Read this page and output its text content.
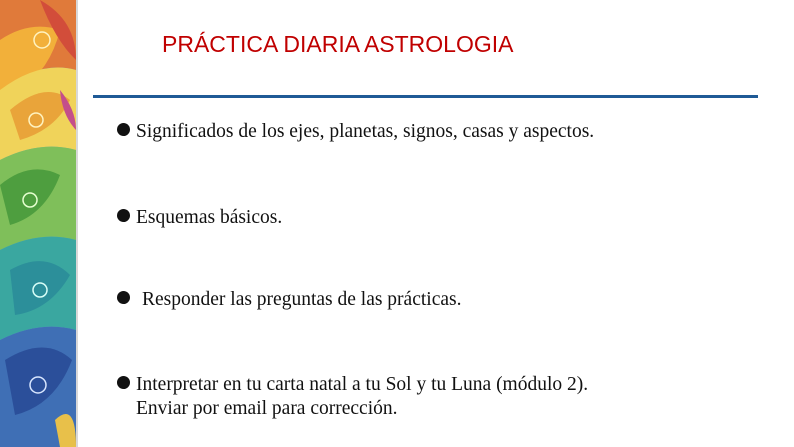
PRÁCTICA DIARIA ASTROLOGIA
Significados de los ejes, planetas, signos, casas y aspectos.
Esquemas básicos.
Responder las preguntas de las prácticas.
Interpretar en tu carta natal a tu Sol y tu Luna (módulo 2).
Enviar por email para corrección.
